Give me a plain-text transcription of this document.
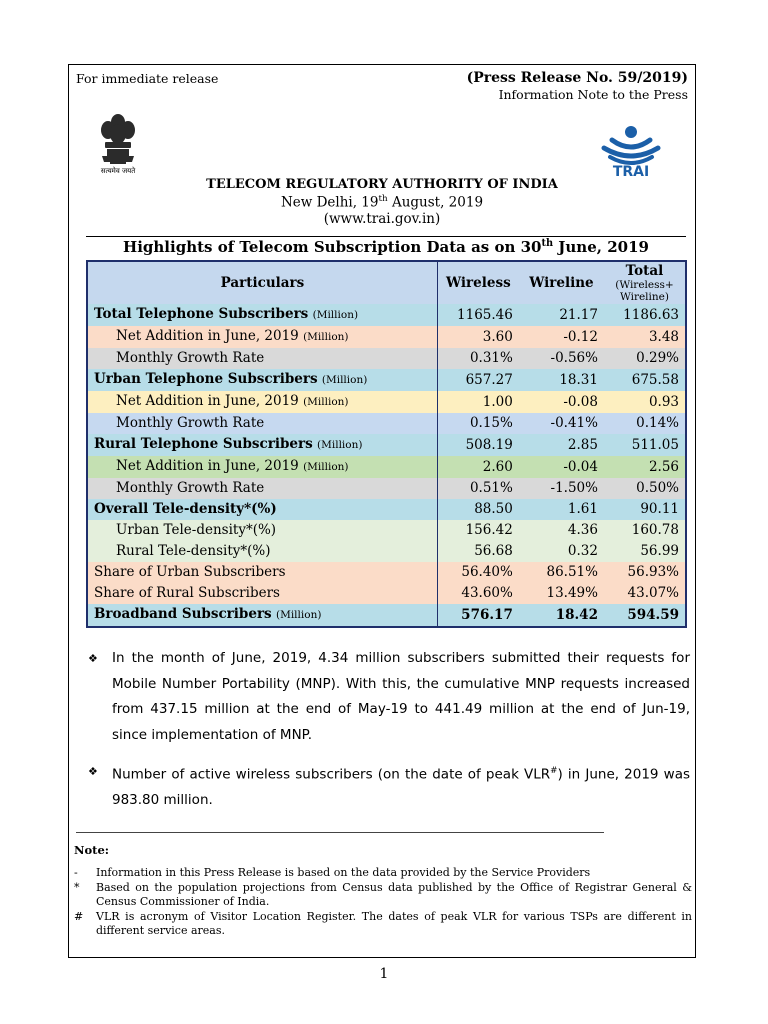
For immediate release	(Press Release No. 59/2019)
Information Note to the Press
सत्यमेव जयते	TRAI
TELECOM REGULATORY AUTHORITY OF INDIA
New Delhi, 19th August, 2019
(www.trai.gov.in)
Highlights of Telecom Subscription Data as on 30th June, 2019
Particulars	Wireless	Wireline	Total
(Wireless+ Wireline)

Total Telephone Subscribers (Million)	1165.46	21.17	1186.63
Net Addition in June, 2019 (Million)	3.60	-0.12	3.48
Monthly Growth Rate	0.31%	-0.56%	0.29%
Urban Telephone Subscribers (Million)	657.27	18.31	675.58
Net Addition in June, 2019 (Million)	1.00	-0.08	0.93
Monthly Growth Rate	0.15%	-0.41%	0.14%
Rural Telephone Subscribers (Million)	508.19	2.85	511.05
Net Addition in June, 2019 (Million)	2.60	-0.04	2.56
Monthly Growth Rate	0.51%	-1.50%	0.50%
Overall Tele-density*(%)	88.50	1.61	90.11
Urban Tele-density*(%)	156.42	4.36	160.78
Rural Tele-density*(%)	56.68	0.32	56.99
Share of Urban Subscribers	56.40%	86.51%	56.93%
Share of Rural Subscribers	43.60%	13.49%	43.07%
Broadband Subscribers (Million)	576.17	18.42	594.59
❖	In the month of June, 2019, 4.34 million subscribers submitted their requests for Mobile Number Portability (MNP). With this, the cumulative MNP requests increased from 437.15 million at the end of May-19 to 441.49 million at the end of Jun-19, since implementation of MNP.
❖	Number of active wireless subscribers (on the date of peak VLR#) in June, 2019 was 983.80 million.
Note:
-	Information in this Press Release is based on the data provided by the Service Providers
*	Based on the population projections from Census data published by the Office of Registrar General & Census Commissioner of India.
#	VLR is acronym of Visitor Location Register. The dates of peak VLR for various TSPs are different in different service areas.
1
